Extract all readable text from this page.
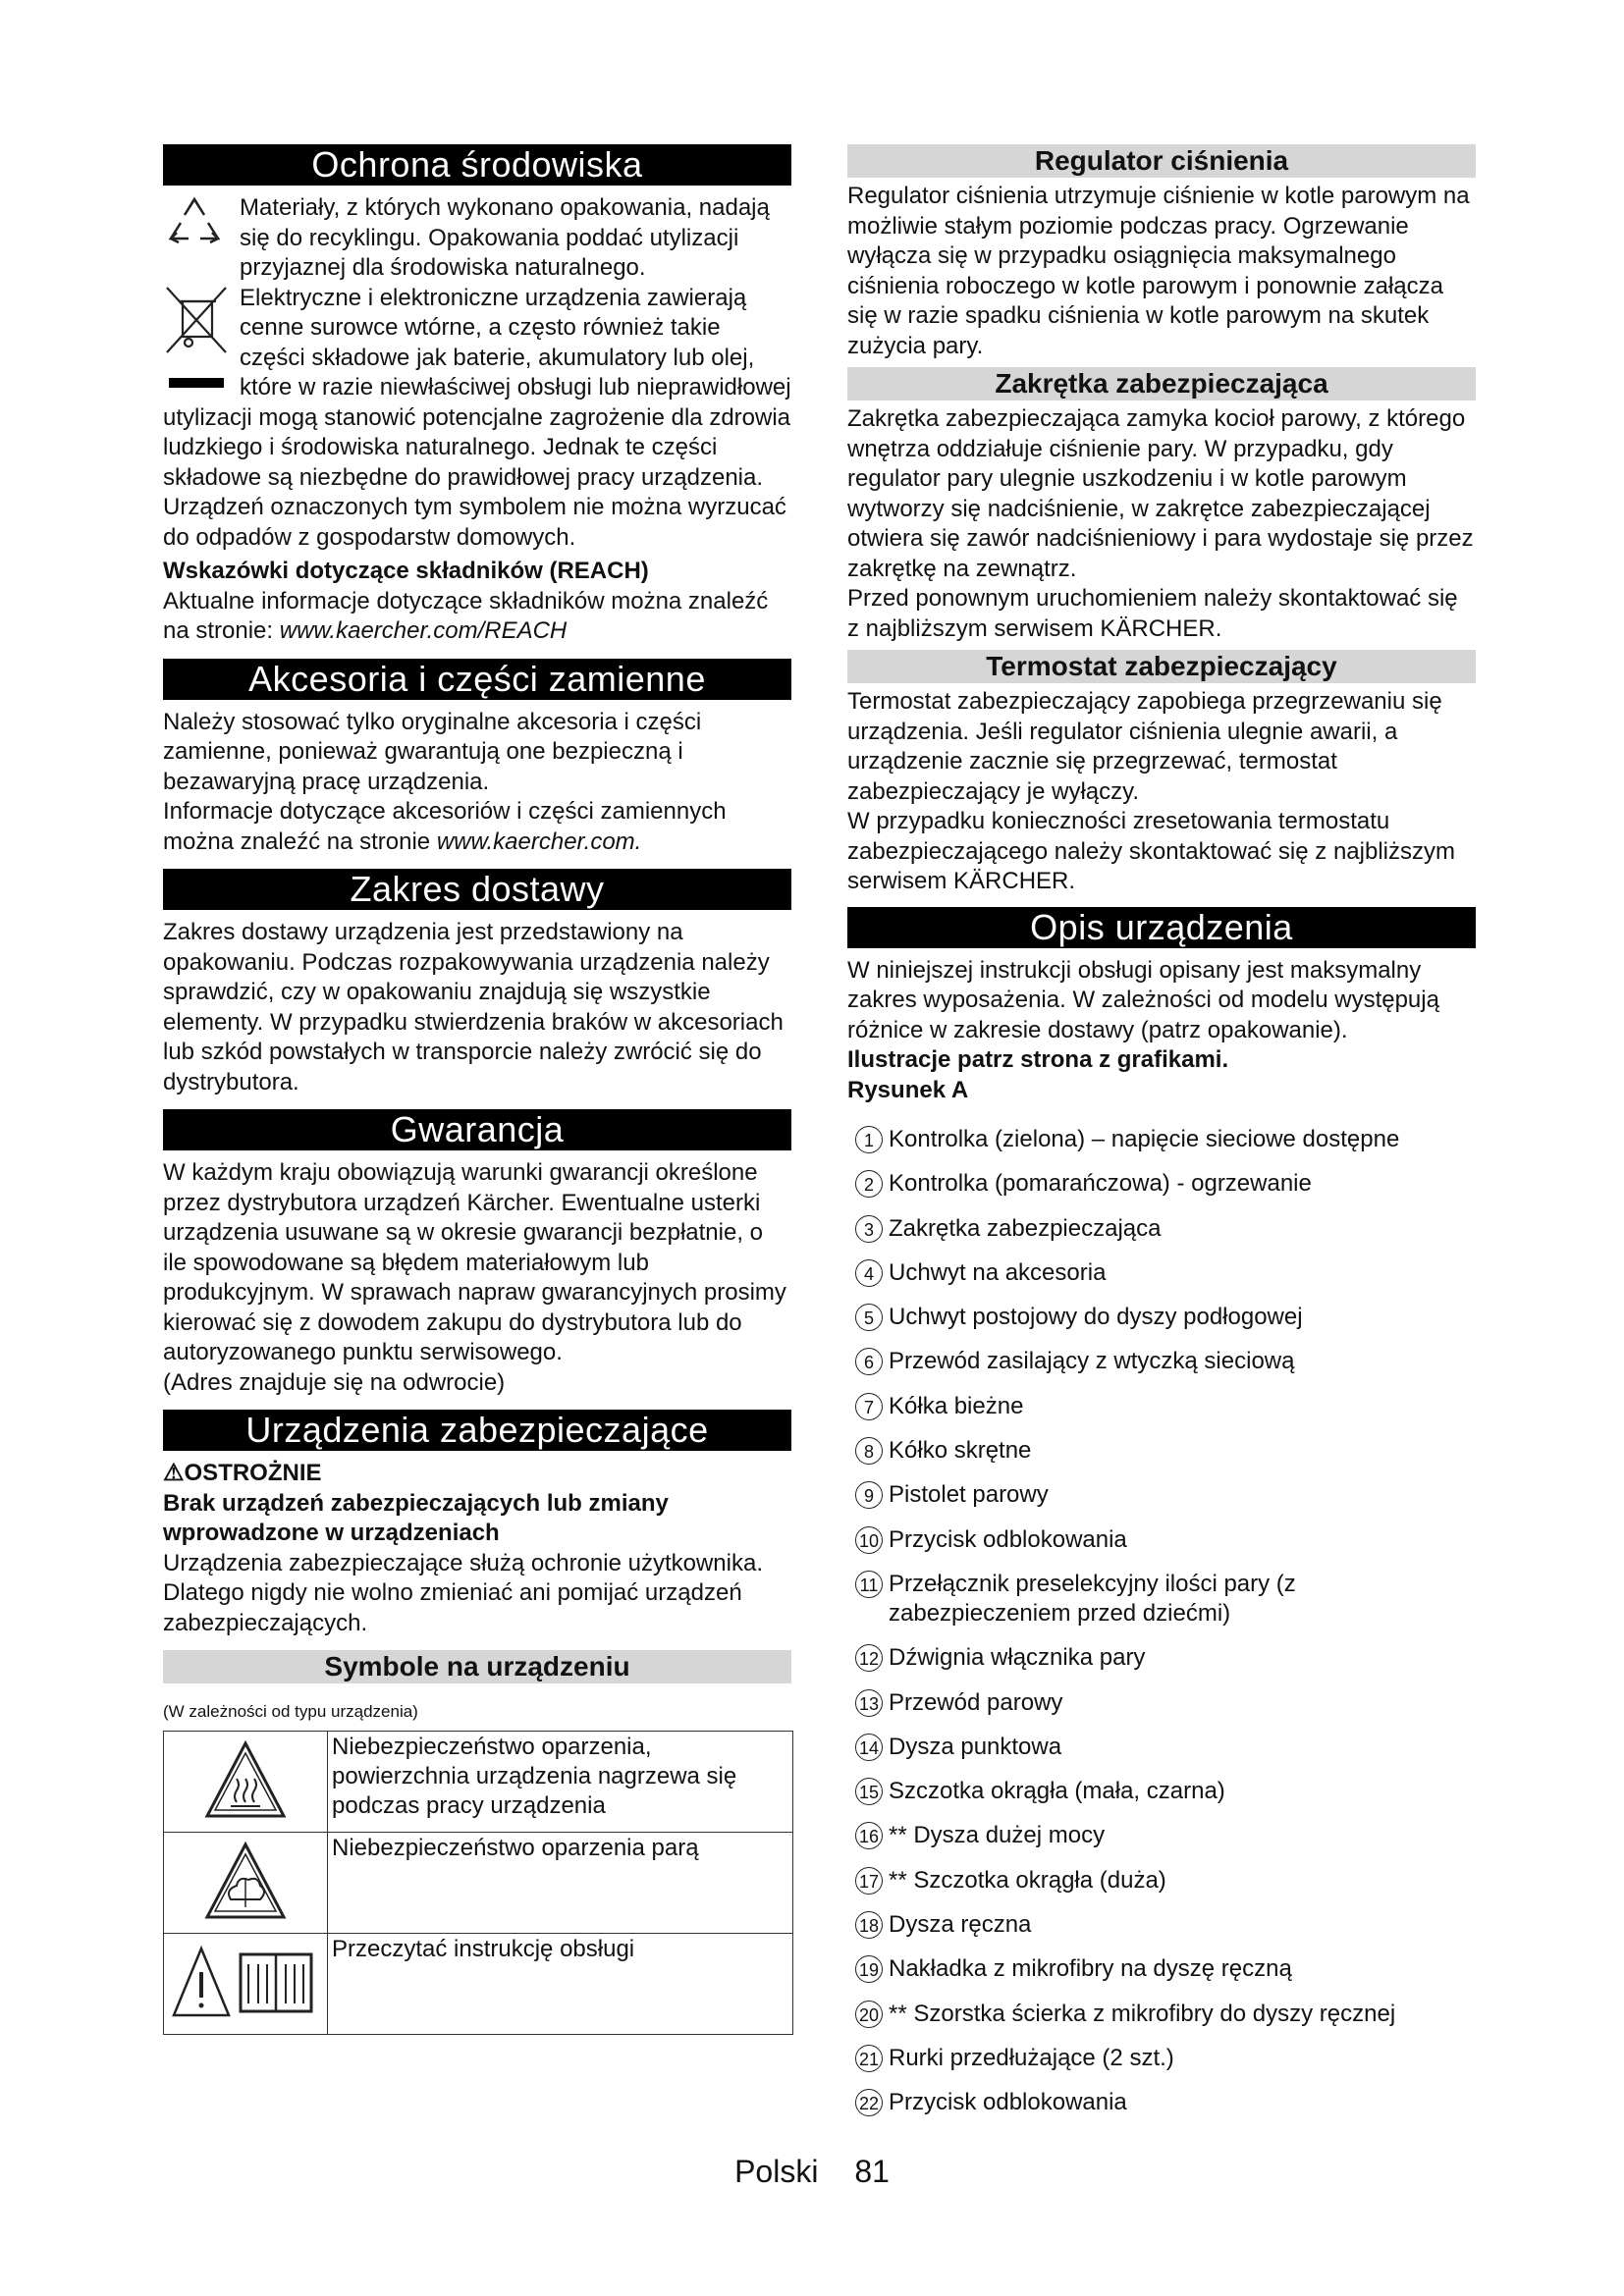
Ochrona środowiska

Materiały, z których wykonano opakowania, nadają się do recyklingu. Opakowania poddać utylizacji przyjaznej dla środowiska naturalnego.

Elektryczne i elektroniczne urządzenia zawierają cenne surowce wtórne, a często również takie części składowe jak baterie, akumulatory lub olej, które w razie niewłaściwej obsługi lub nieprawidłowej utylizacji mogą stanowić potencjalne zagrożenie dla zdrowia ludzkiego i środowiska naturalnego. Jednak te części składowe są niezbędne do prawidłowej pracy urządzenia. Urządzeń oznaczonych tym symbolem nie można wyrzucać do odpadów z gospodarstw domowych.

Wskazówki dotyczące składników (REACH)

Aktualne informacje dotyczące składników można znaleźć na stronie: www.kaercher.com/REACH

Akcesoria i części zamienne

Należy stosować tylko oryginalne akcesoria i części zamienne, ponieważ gwarantują one bezpieczną i bezawaryjną pracę urządzenia.

Informacje dotyczące akcesoriów i części zamiennych można znaleźć na stronie www.kaercher.com.

Zakres dostawy

Zakres dostawy urządzenia jest przedstawiony na opakowaniu. Podczas rozpakowywania urządzenia należy sprawdzić, czy w opakowaniu znajdują się wszystkie elementy. W przypadku stwierdzenia braków w akcesoriach lub szkód powstałych w transporcie należy zwrócić się do dystrybutora.

Gwarancja

W każdym kraju obowiązują warunki gwarancji określone przez dystrybutora urządzeń Kärcher. Ewentualne usterki urządzenia usuwane są w okresie gwarancji bezpłatnie, o ile spowodowane są błędem materiałowym lub produkcyjnym. W sprawach napraw gwarancyjnych prosimy kierować się z dowodem zakupu do dystrybutora lub do autoryzowanego punktu serwisowego.

(Adres znajduje się na odwrocie)

Urządzenia zabezpieczające

⚠OSTROŻNIE

Brak urządzeń zabezpieczających lub zmiany wprowadzone w urządzeniach

Urządzenia zabezpieczające służą ochronie użytkownika.

Dlatego nigdy nie wolno zmieniać ani pomijać urządzeń zabezpieczających.

Symbole na urządzeniu

(W zależności od typu urządzenia)

	Niebezpieczeństwo oparzenia, powierzchnia urządzenia nagrzewa się podczas pracy urządzenia
	Niebezpieczeństwo oparzenia parą
	Przeczytać instrukcję obsługi
Regulator ciśnienia

Regulator ciśnienia utrzymuje ciśnienie w kotle parowym na możliwie stałym poziomie podczas pracy. Ogrzewanie wyłącza się w przypadku osiągnięcia maksymalnego ciśnienia roboczego w kotle parowym i ponownie załącza się w razie spadku ciśnienia w kotle parowym na skutek zużycia pary.

Zakrętka zabezpieczająca

Zakrętka zabezpieczająca zamyka kocioł parowy, z którego wnętrza oddziałuje ciśnienie pary. W przypadku, gdy regulator pary ulegnie uszkodzeniu i w kotle parowym wytworzy się nadciśnienie, w zakrętce zabezpieczającej otwiera się zawór nadciśnieniowy i para wydostaje się przez zakrętkę na zewnątrz.

Przed ponownym uruchomieniem należy skontaktować się z najbliższym serwisem KÄRCHER.

Termostat zabezpieczający

Termostat zabezpieczający zapobiega przegrzewaniu się urządzenia. Jeśli regulator ciśnienia ulegnie awarii, a urządzenie zacznie się przegrzewać, termostat zabezpieczający je wyłączy.

W przypadku konieczności zresetowania termostatu zabezpieczającego należy skontaktować się z najbliższym serwisem KÄRCHER.

Opis urządzenia

W niniejszej instrukcji obsługi opisany jest maksymalny zakres wyposażenia. W zależności od modelu występują różnice w zakresie dostawy (patrz opakowanie).

Ilustracje patrz strona z grafikami.

Rysunek A

1 Kontrolka (zielona) – napięcie sieciowe dostępne
2 Kontrolka (pomarańczowa) - ogrzewanie
3 Zakrętka zabezpieczająca
4 Uchwyt na akcesoria
5 Uchwyt postojowy do dyszy podłogowej
6 Przewód zasilający z wtyczką sieciową
7 Kółka bieżne
8 Kółko skrętne
9 Pistolet parowy
10 Przycisk odblokowania
11 Przełącznik preselekcyjny ilości pary (z zabezpieczeniem przed dziećmi)
12 Dźwignia włącznika pary
13 Przewód parowy
14 Dysza punktowa
15 Szczotka okrągła (mała, czarna)
16 ** Dysza dużej mocy
17 ** Szczotka okrągła (duża)
18 Dysza ręczna
19 Nakładka z mikrofibry na dyszę ręczną
20 ** Szorstka ścierka z mikrofibry do dyszy ręcznej
21 Rurki przedłużające (2 szt.)
22 Przycisk odblokowania
Polski 81
